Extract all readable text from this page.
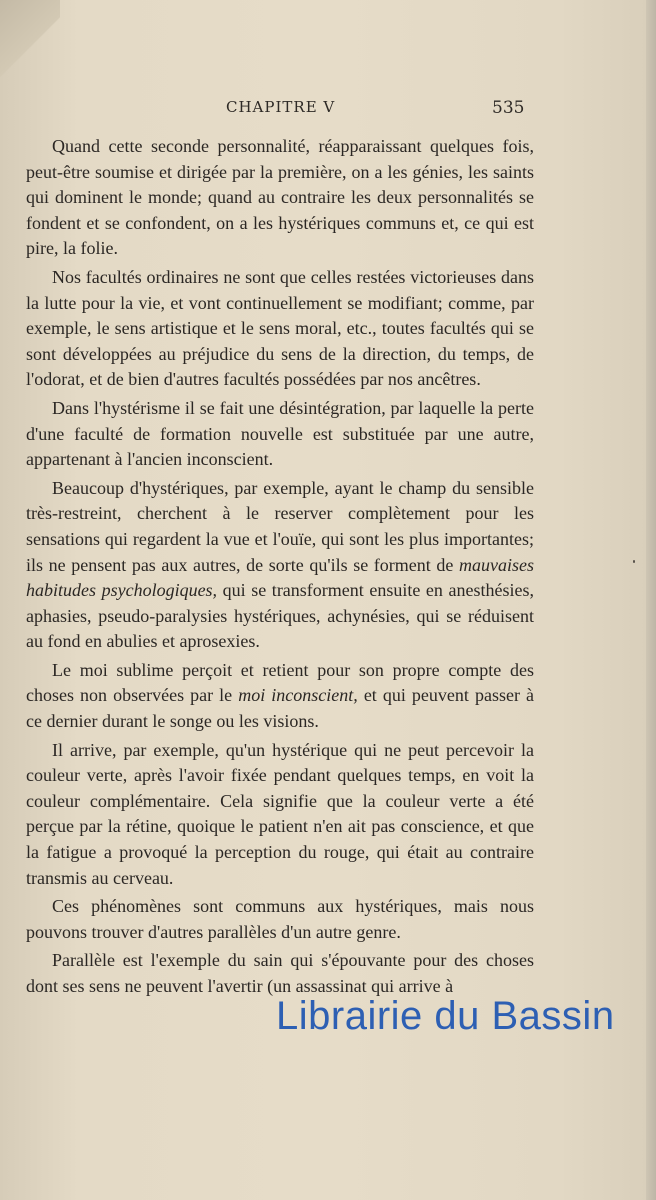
CHAPITRE V	535

Quand cette seconde personnalité, réapparaissant quelques fois, peut-être soumise et dirigée par la première, on a les génies, les saints qui dominent le monde; quand au contraire les deux personnalités se fondent et se confondent, on a les hystériques communs et, ce qui est pire, la folie.

Nos facultés ordinaires ne sont que celles restées victorieuses dans la lutte pour la vie, et vont continuellement se modifiant; comme, par exemple, le sens artistique et le sens moral, etc., toutes facultés qui se sont développées au préjudice du sens de la direction, du temps, de l'odorat, et de bien d'autres facultés possédées par nos ancêtres.

Dans l'hystérisme il se fait une désintégration, par laquelle la perte d'une faculté de formation nouvelle est substituée par une autre, appartenant à l'ancien inconscient.

Beaucoup d'hystériques, par exemple, ayant le champ du sensible très-restreint, cherchent à le reserver complètement pour les sensations qui regardent la vue et l'ouïe, qui sont les plus importantes; ils ne pensent pas aux autres, de sorte qu'ils se forment de mauvaises habitudes psychologiques, qui se transforment ensuite en anesthésies, aphasies, pseudo-paralysies hystériques, achynésies, qui se réduisent au fond en abulies et aprosexies.

Le moi sublime perçoit et retient pour son propre compte des choses non observées par le moi inconscient, et qui peuvent passer à ce dernier durant le songe ou les visions.

Il arrive, par exemple, qu'un hystérique qui ne peut percevoir la couleur verte, après l'avoir fixée pendant quelques temps, en voit la couleur complémentaire. Cela signifie que la couleur verte a été perçue par la rétine, quoique le patient n'en ait pas conscience, et que la fatigue a provoqué la perception du rouge, qui était au contraire transmis au cerveau.

Ces phénomènes sont communs aux hystériques, mais nous pouvons trouver d'autres parallèles d'un autre genre.

Parallèle est l'exemple du sain qui s'épouvante pour des choses dont ses sens ne peuvent l'avertir (un assassinat qui arrive à

Librairie du Bassin
